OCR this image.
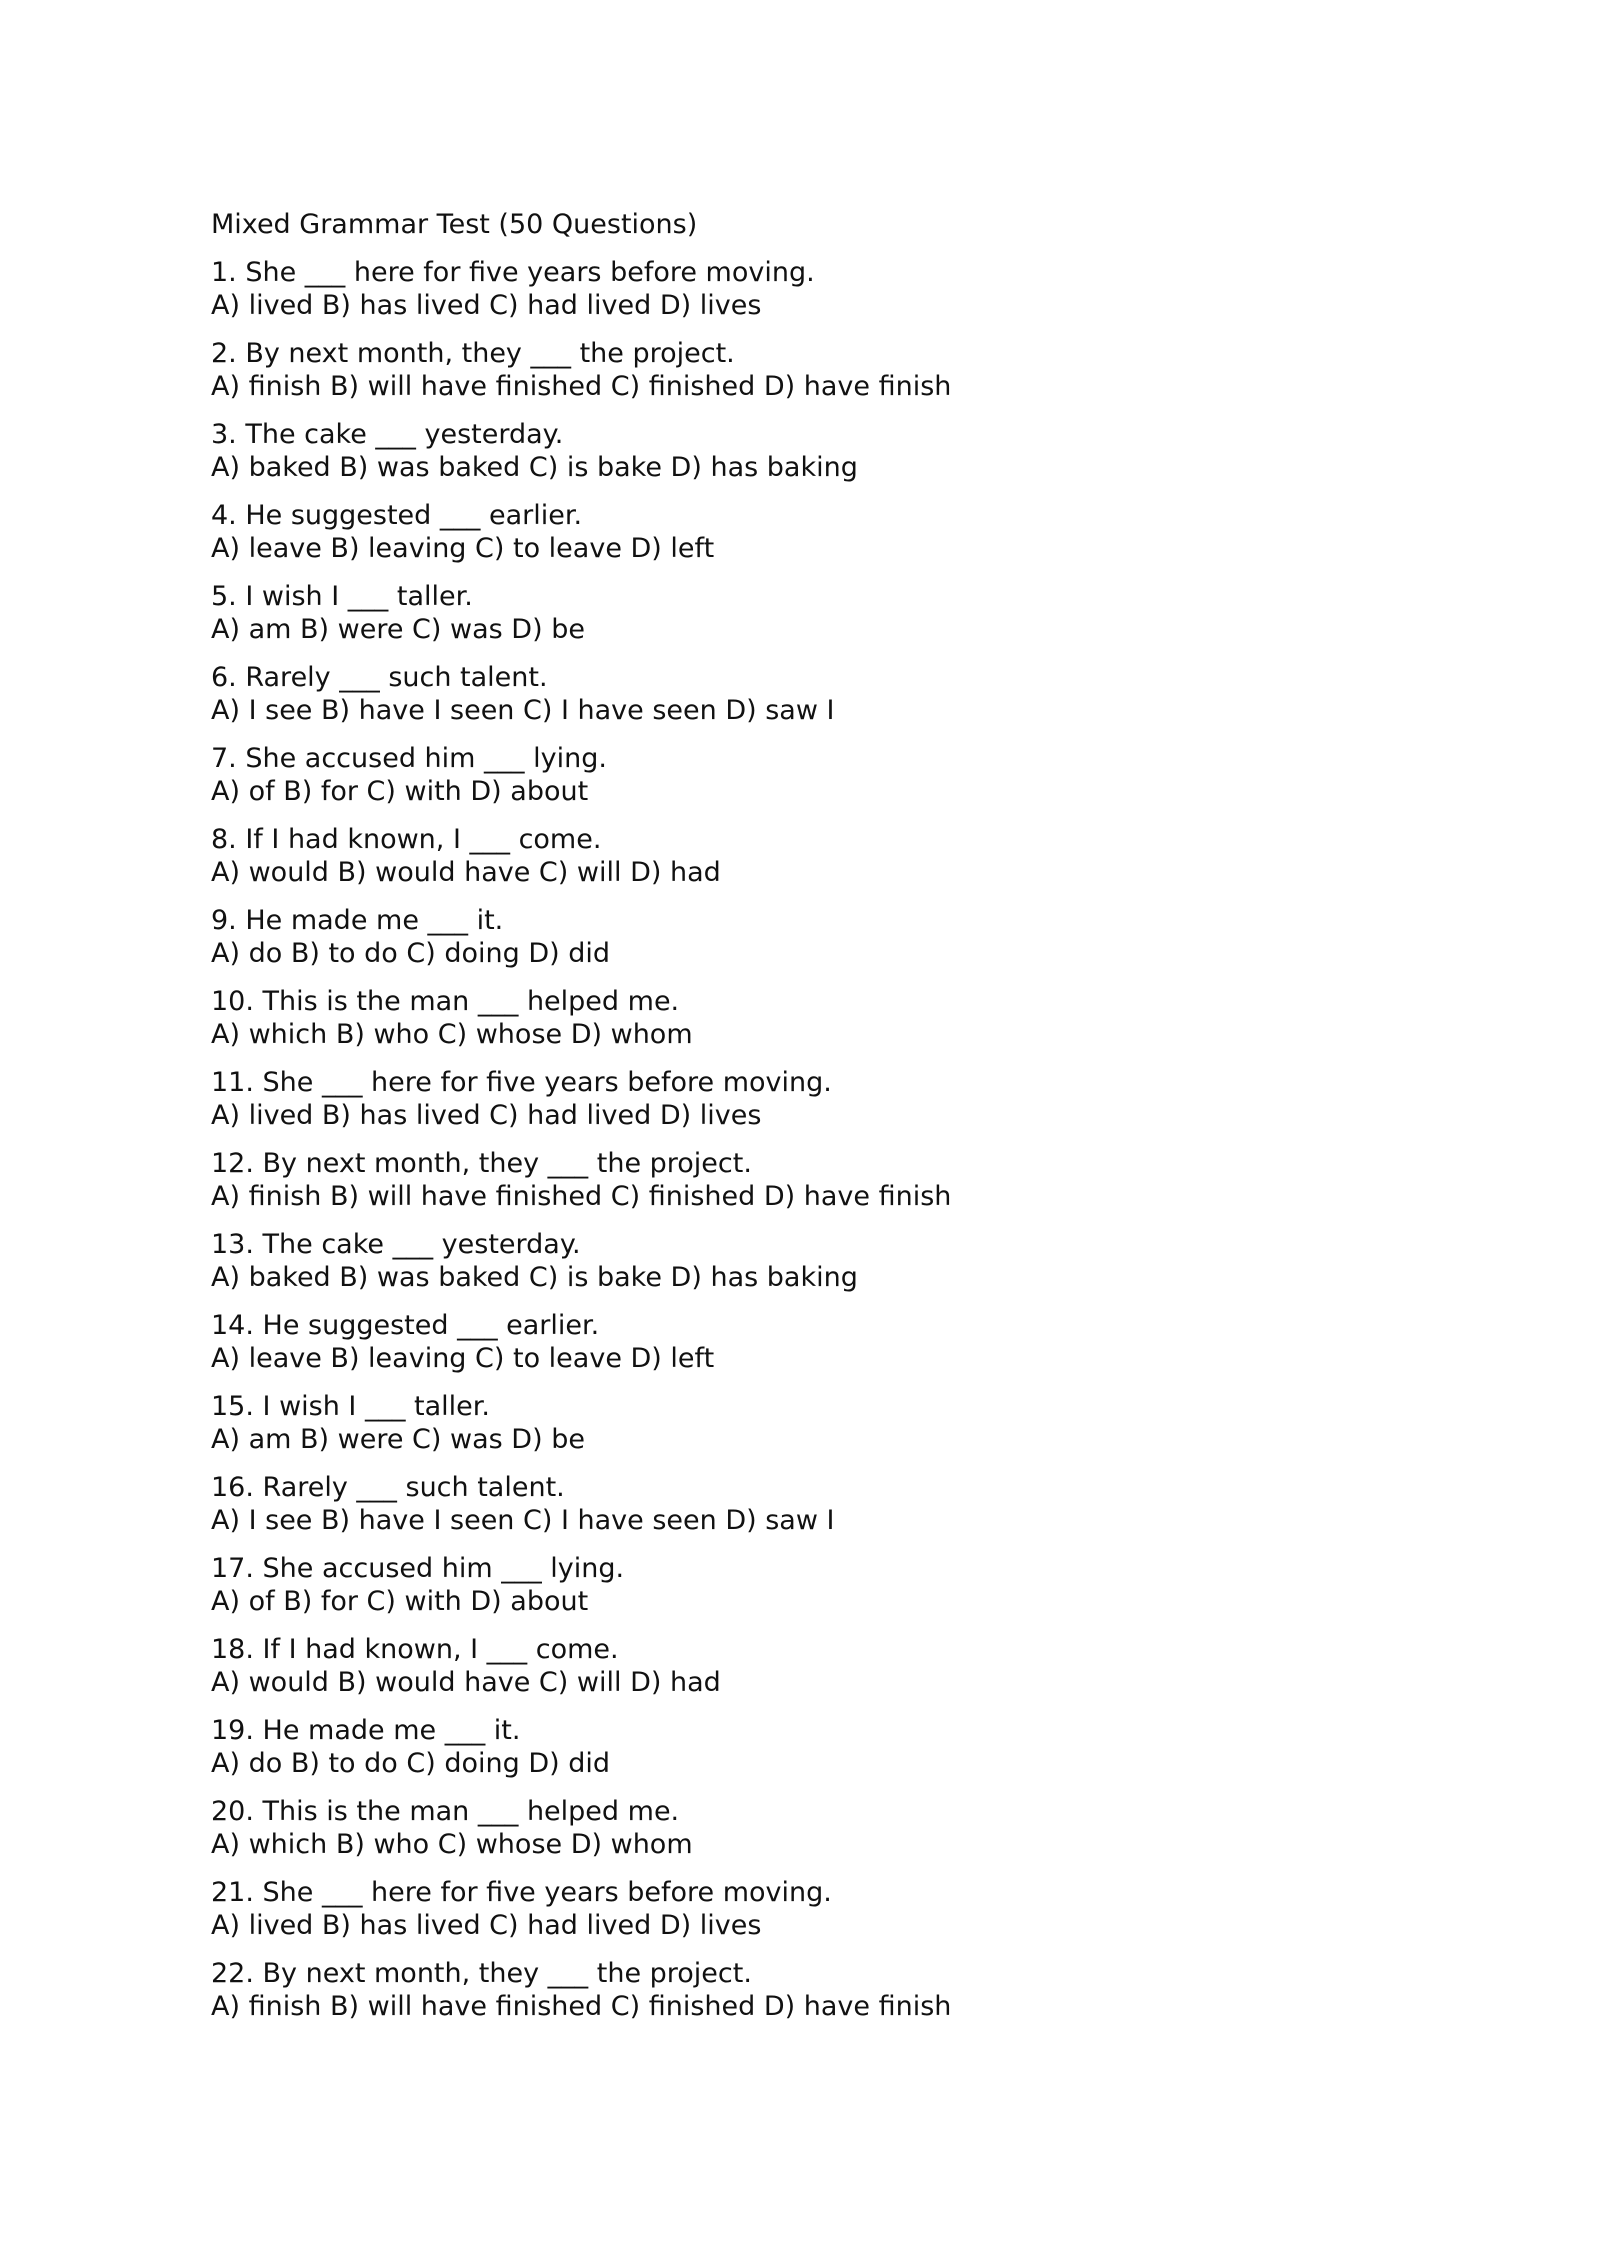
Mixed Grammar Test (50 Questions)
1. She ___ here for five years before moving.
A) lived B) has lived C) had lived D) lives
2. By next month, they ___ the project.
A) finish B) will have finished C) finished D) have finish
3. The cake ___ yesterday.
A) baked B) was baked C) is bake D) has baking
4. He suggested ___ earlier.
A) leave B) leaving C) to leave D) left
5. I wish I ___ taller.
A) am B) were C) was D) be
6. Rarely ___ such talent.
A) I see B) have I seen C) I have seen D) saw I
7. She accused him ___ lying.
A) of B) for C) with D) about
8. If I had known, I ___ come.
A) would B) would have C) will D) had
9. He made me ___ it.
A) do B) to do C) doing D) did
10. This is the man ___ helped me.
A) which B) who C) whose D) whom
11. She ___ here for five years before moving.
A) lived B) has lived C) had lived D) lives
12. By next month, they ___ the project.
A) finish B) will have finished C) finished D) have finish
13. The cake ___ yesterday.
A) baked B) was baked C) is bake D) has baking
14. He suggested ___ earlier.
A) leave B) leaving C) to leave D) left
15. I wish I ___ taller.
A) am B) were C) was D) be
16. Rarely ___ such talent.
A) I see B) have I seen C) I have seen D) saw I
17. She accused him ___ lying.
A) of B) for C) with D) about
18. If I had known, I ___ come.
A) would B) would have C) will D) had
19. He made me ___ it.
A) do B) to do C) doing D) did
20. This is the man ___ helped me.
A) which B) who C) whose D) whom
21. She ___ here for five years before moving.
A) lived B) has lived C) had lived D) lives
22. By next month, they ___ the project.
A) finish B) will have finished C) finished D) have finish
